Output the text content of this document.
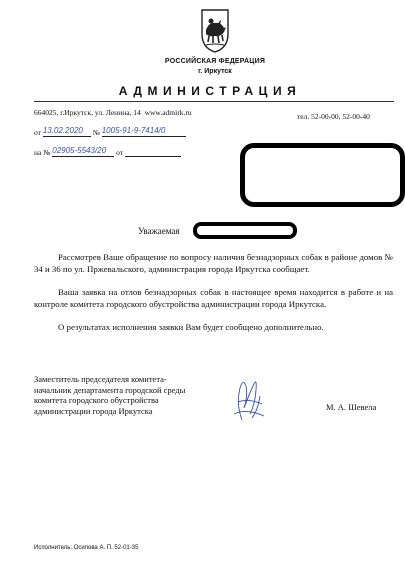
РОССИЙСКАЯ ФЕДЕРАЦИЯ
г. Иркутск
АДМИНИСТРАЦИЯ
664025, г.Иркутск, ул. Ленина, 14 www.admirk.ru	тел. 52-00-00, 52-00-40
от 13.02.2020 № 1005-91-9-7414/0
на № 02905-5543/20 от
Уважаемая
Рассмотрев Ваше обращение по вопросу наличия безнадзорных собак в районе домов № 34 и 36 по ул. Пржевальского, администрация города Иркутска сообщает.
Ваша заявка на отлов безнадзорных собак в настоящее время находится в работе и на контроле комитета городского обустройства администрации города Иркутска.
О результатах исполнения заявки Вам будет сообщено дополнительно.
Заместитель председателя комитета-
начальник департамента городской среды
комитета городского обустройства
администрации города Иркутска	М. А. Шевела
Исполнитель: Осипова А. П. 52-01-35
